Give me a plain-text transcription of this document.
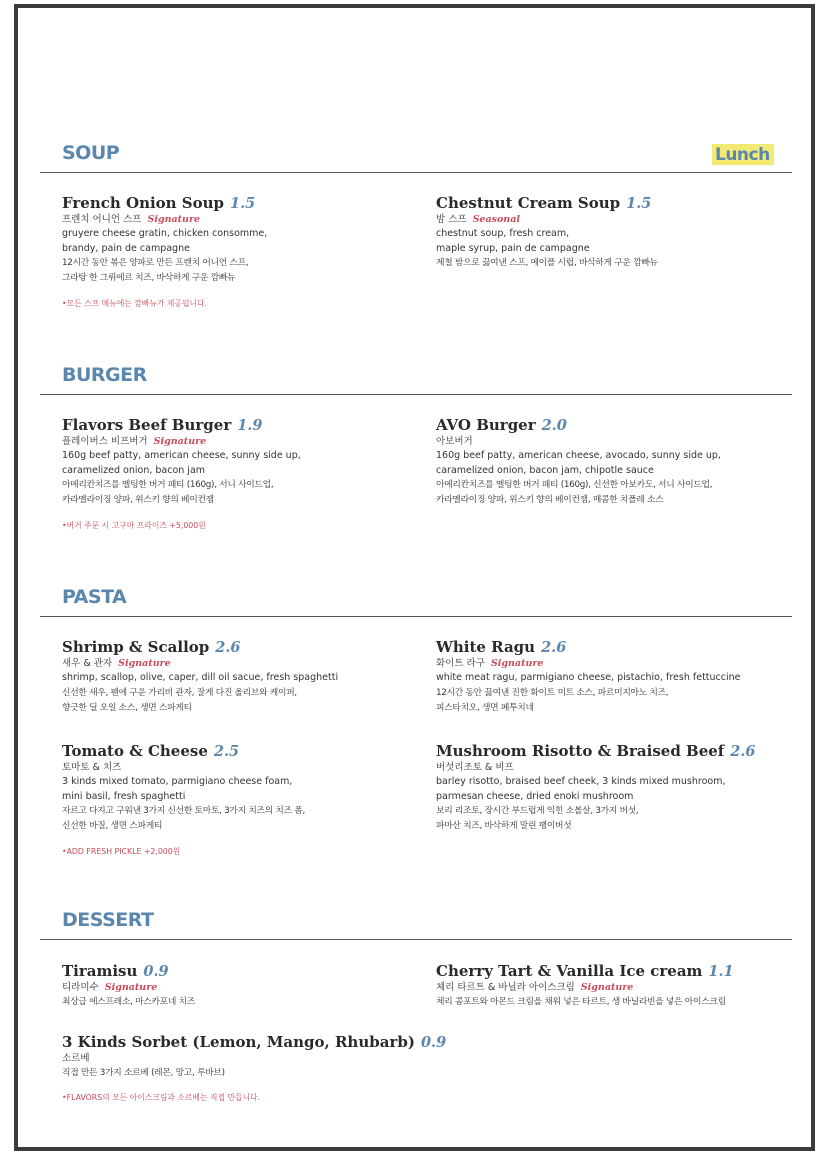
SOUP	Lunch
French Onion Soup 1.5
프렌치 어니언 스프 Signature
gruyere cheese gratin, chicken consomme,
brandy, pain de campagne
12시간 동안 볶은 양파로 만든 프렌치 어니언 스프,
그라탕 한 그뤼에르 치즈, 바삭하게 구운 깜빠뉴
Chestnut Cream Soup 1.5
밤 스프 Seasonal
chestnut soup, fresh cream,
maple syrup, pain de campagne
제철 밤으로 끓여낸 스프, 메이플 시럽, 바삭하게 구운 깜빠뉴
•모든 스프 메뉴에는 깜빠뉴가 제공됩니다.
BURGER
Flavors Beef Burger 1.9
플레이버스 비프버거 Signature
160g beef patty, american cheese, sunny side up,
caramelized onion, bacon jam
아메리칸치즈를 멜팅한 버거 패티 (160g), 서니 사이드업,
카라멜라이징 양파, 위스키 향의 베이컨잼
AVO Burger 2.0
아보버거
160g beef patty, american cheese, avocado, sunny side up,
caramelized onion, bacon jam, chipotle sauce
아메리칸치즈를 멜팅한 버거 패티 (160g), 신선한 아보카도, 서니 사이드업,
카라멜라이징 양파, 위스키 향의 베이컨잼, 매콤한 치폴레 소스
•버거 주문 시 고구마 프라이즈 +5,000원
PASTA
Shrimp & Scallop 2.6
새우 & 관자 Signature
shrimp, scallop, olive, caper, dill oil sacue, fresh spaghetti
신선한 새우, 팬에 구운 가리비 관자, 잘게 다진 올리브와 케이퍼,
향긋한 딜 오일 소스, 생면 스파게티
White Ragu 2.6
화이트 라구 Signature
white meat ragu, parmigiano cheese, pistachio, fresh fettuccine
12시간 동안 끓여낸 진한 화이트 미트 소스, 파르미지아노 치즈,
피스타치오, 생면 페투치네
Tomato & Cheese 2.5
토마토 & 치즈
3 kinds mixed tomato, parmigiano cheese foam,
mini basil, fresh spaghetti
자르고 다지고 구워낸 3가지 신선한 토마토, 3가지 치즈의 치즈 폼,
신선한 바질, 생면 스파게티
Mushroom Risotto & Braised Beef 2.6
버섯리조토 & 비프
barley risotto, braised beef cheek, 3 kinds mixed mushroom,
parmesan cheese, dried enoki mushroom
보리 리조토, 장시간 부드럽게 익힌 소볼살, 3가지 버섯,
파마산 치즈, 바삭하게 말린 팽이버섯
•ADD FRESH PICKLE +2,000원
DESSERT
Tiramisu 0.9
티라미수 Signature
최상급 에스프레소, 마스카포네 치즈
Cherry Tart & Vanilla Ice cream 1.1
체리 타르트 & 바닐라 아이스크림 Signature
체리 콤포트와 아몬드 크림을 채워 넣은 타르트, 생 바닐라빈을 넣은 아이스크림
3 Kinds Sorbet (Lemon, Mango, Rhubarb) 0.9
소르베
직접 만든 3가지 소르베 (레몬, 망고, 루바브)
•FLAVORS의 모든 아이스크림과 소르베는 직접 만듭니다.
